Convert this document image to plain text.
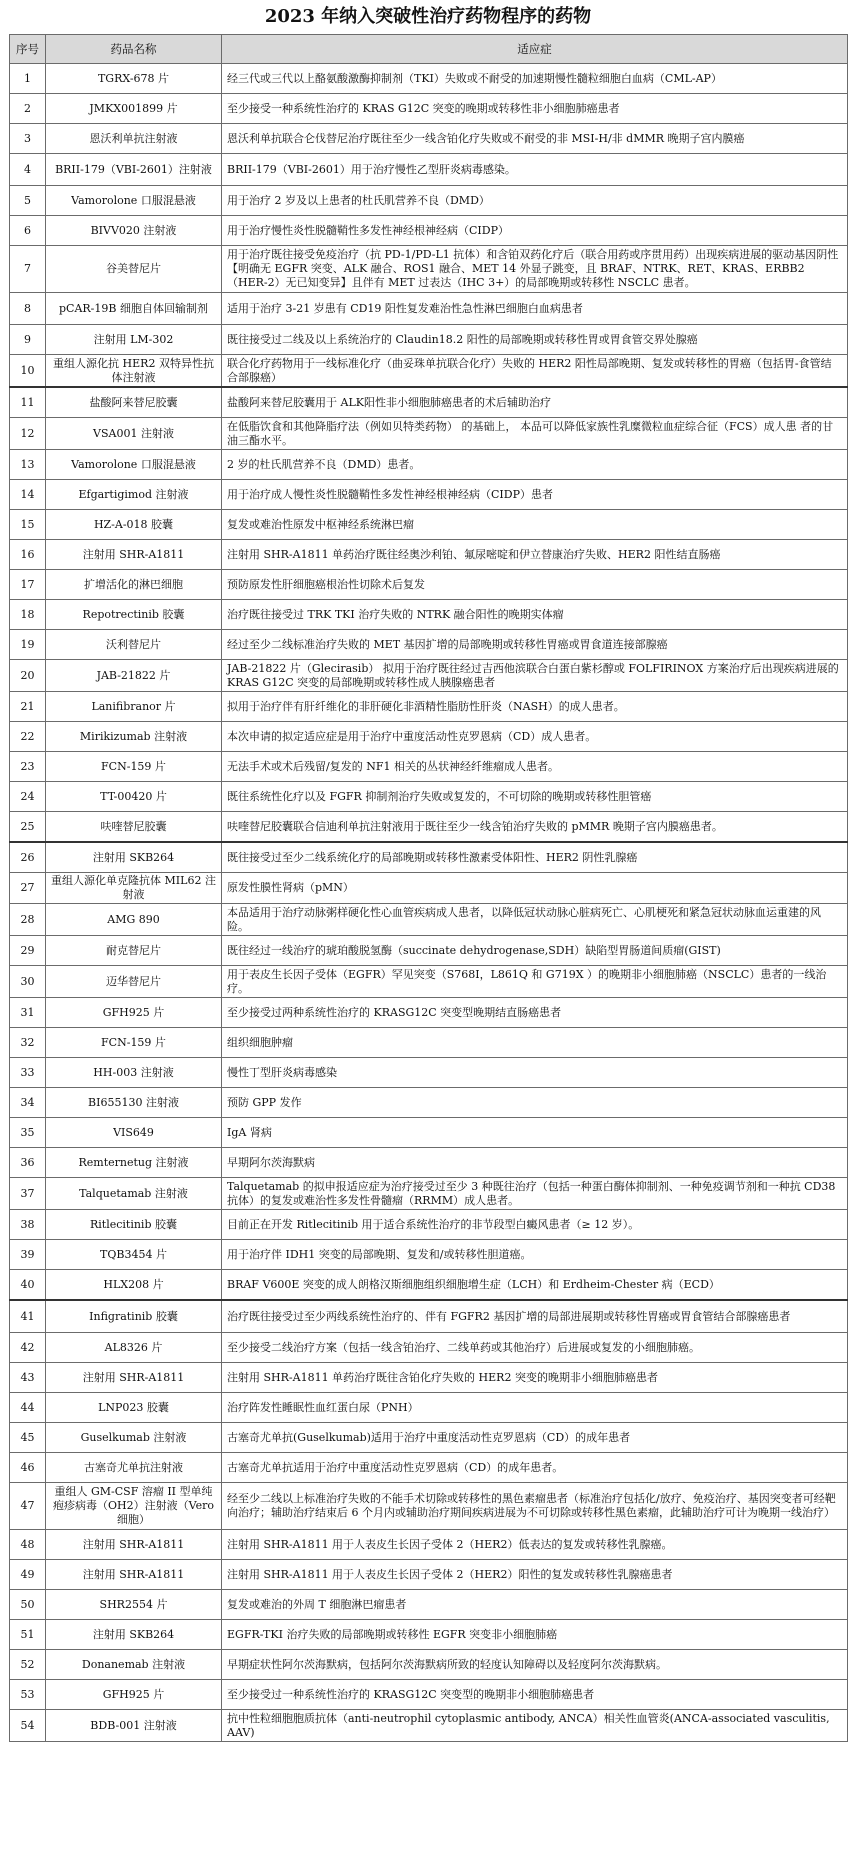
2023 年纳入突破性治疗药物程序的药物
序号	药品名称	适应症
1	TGRX-678 片	经三代或三代以上酪氨酸激酶抑制剂（TKI）失败或不耐受的加速期慢性髓粒细胞白血病（CML-AP）
2	JMKX001899 片	至少接受一种系统性治疗的 KRAS G12C 突变的晚期或转移性非小细胞肺癌患者
3	恩沃利单抗注射液	恩沃利单抗联合仑伐替尼治疗既往至少一线含铂化疗失败或不耐受的非 MSI-H/非 dMMR 晚期子宫内膜癌
4	BRII-179（VBI-2601）注射液	BRII-179（VBI-2601）用于治疗慢性乙型肝炎病毒感染。
5	Vamorolone 口服混悬液	用于治疗 2 岁及以上患者的杜氏肌营养不良（DMD）
6	BIVV020 注射液	用于治疗慢性炎性脱髓鞘性多发性神经根神经病（CIDP）
7	谷美替尼片	用于治疗既往接受免疫治疗（抗 PD-1/PD-L1 抗体）和含铂双药化疗后（联合用药或序贯用药）出现疾病进展的驱动基因阴性【明确无 EGFR 突变、ALK 融合、ROS1 融合、MET 14 外显子跳变，且 BRAF、NTRK、RET、KRAS、ERBB2（HER-2）无已知变异】且伴有 MET 过表达（IHC 3+）的局部晚期或转移性 NSCLC 患者。
8	pCAR-19B 细胞自体回输制剂	适用于治疗 3-21 岁患有 CD19 阳性复发难治性急性淋巴细胞白血病患者
9	注射用 LM-302	既往接受过二线及以上系统治疗的 Claudin18.2 阳性的局部晚期或转移性胃或胃食管交界处腺癌
10	重组人源化抗 HER2 双特异性抗体注射液	联合化疗药物用于一线标准化疗（曲妥珠单抗联合化疗）失败的 HER2 阳性局部晚期、复发或转移性的胃癌（包括胃-食管结合部腺癌）
11	盐酸阿来替尼胶囊	盐酸阿来替尼胶囊用于 ALK阳性非小细胞肺癌患者的术后辅助治疗
12	VSA001 注射液	在低脂饮食和其他降脂疗法（例如贝特类药物） 的基础上， 本品可以降低家族性乳糜微粒血症综合征（FCS）成人患 者的甘油三酯水平。
13	Vamorolone 口服混悬液	2 岁的杜氏肌营养不良（DMD）患者。
14	Efgartigimod 注射液	用于治疗成人慢性炎性脱髓鞘性多发性神经根神经病（CIDP）患者
15	HZ-A-018 胶囊	复发或难治性原发中枢神经系统淋巴瘤
16	注射用 SHR-A1811	注射用 SHR-A1811 单药治疗既往经奥沙利铂、氟尿嘧啶和伊立替康治疗失败、HER2 阳性结直肠癌
17	扩增活化的淋巴细胞	预防原发性肝细胞癌根治性切除术后复发
18	Repotrectinib 胶囊	治疗既往接受过 TRK TKI 治疗失败的 NTRK 融合阳性的晚期实体瘤
19	沃利替尼片	经过至少二线标准治疗失败的 MET 基因扩增的局部晚期或转移性胃癌或胃食道连接部腺癌
20	JAB-21822 片	JAB-21822 片（Glecirasib） 拟用于治疗既往经过吉西他滨联合白蛋白紫杉醇或 FOLFIRINOX 方案治疗后出现疾病进展的 KRAS G12C 突变的局部晚期或转移性成人胰腺癌患者
21	Lanifibranor 片	拟用于治疗伴有肝纤维化的非肝硬化非酒精性脂肪性肝炎（NASH）的成人患者。
22	Mirikizumab 注射液	本次申请的拟定适应症是用于治疗中重度活动性克罗恩病（CD）成人患者。
23	FCN-159 片	无法手术或术后残留/复发的 NF1 相关的丛状神经纤维瘤成人患者。
24	TT-00420 片	既往系统性化疗以及 FGFR 抑制剂治疗失败或复发的，不可切除的晚期或转移性胆管癌
25	呋喹替尼胶囊	呋喹替尼胶囊联合信迪利单抗注射液用于既往至少一线含铂治疗失败的 pMMR 晚期子宫内膜癌患者。
26	注射用 SKB264	既往接受过至少二线系统化疗的局部晚期或转移性激素受体阳性、HER2 阴性乳腺癌
27	重组人源化单克隆抗体 MIL62 注射液	原发性膜性肾病（pMN）
28	AMG 890	本品适用于治疗动脉粥样硬化性心血管疾病成人患者，以降低冠状动脉心脏病死亡、心肌梗死和紧急冠状动脉血运重建的风险。
29	耐克替尼片	既往经过一线治疗的琥珀酸脱氢酶（succinate dehydrogenase,SDH）缺陷型胃肠道间质瘤(GIST)
30	迈华替尼片	用于表皮生长因子受体（EGFR）罕见突变（S768I，L861Q 和 G719X ）的晚期非小细胞肺癌（NSCLC）患者的一线治疗。
31	GFH925 片	至少接受过两种系统性治疗的 KRASG12C 突变型晚期结直肠癌患者
32	FCN-159 片	组织细胞肿瘤
33	HH-003 注射液	慢性丁型肝炎病毒感染
34	BI655130 注射液	预防 GPP 发作
35	VIS649	IgA 肾病
36	Remternetug 注射液	早期阿尔茨海默病
37	Talquetamab 注射液	Talquetamab 的拟申报适应症为治疗接受过至少 3 种既往治疗（包括一种蛋白酶体抑制剂、一种免疫调节剂和一种抗 CD38 抗体）的复发或难治性多发性骨髓瘤（RRMM）成人患者。
38	Ritlecitinib 胶囊	目前正在开发 Ritlecitinib 用于适合系统性治疗的非节段型白癜风患者（≥ 12 岁）。
39	TQB3454 片	用于治疗伴 IDH1 突变的局部晚期、复发和/或转移性胆道癌。
40	HLX208 片	BRAF V600E 突变的成人朗格汉斯细胞组织细胞增生症（LCH）和 Erdheim-Chester 病（ECD）
41	Infigratinib 胶囊	治疗既往接受过至少两线系统性治疗的、伴有 FGFR2 基因扩增的局部进展期或转移性胃癌或胃食管结合部腺癌患者
42	AL8326 片	至少接受二线治疗方案（包括一线含铂治疗、二线单药或其他治疗）后进展或复发的小细胞肺癌。
43	注射用 SHR-A1811	注射用 SHR-A1811 单药治疗既往含铂化疗失败的 HER2 突变的晚期非小细胞肺癌患者
44	LNP023 胶囊	治疗阵发性睡眠性血红蛋白尿（PNH）
45	Guselkumab 注射液	古塞奇尤单抗(Guselkumab)适用于治疗中重度活动性克罗恩病（CD）的成年患者
46	古塞奇尤单抗注射液	古塞奇尤单抗适用于治疗中重度活动性克罗恩病（CD）的成年患者。
47	重组人 GM-CSF 溶瘤 II 型单纯疱疹病毒（OH2）注射液（Vero 细胞）	经至少二线以上标准治疗失败的不能手术切除或转移性的黑色素瘤患者（标准治疗包括化/放疗、免疫治疗、基因突变者可经靶向治疗；辅助治疗结束后 6 个月内或辅助治疗期间疾病进展为不可切除或转移性黑色素瘤，此辅助治疗可计为晚期一线治疗）
48	注射用 SHR-A1811	注射用 SHR-A1811 用于人表皮生长因子受体 2（HER2）低表达的复发或转移性乳腺癌。
49	注射用 SHR-A1811	注射用 SHR-A1811 用于人表皮生长因子受体 2（HER2）阳性的复发或转移性乳腺癌患者
50	SHR2554 片	复发或难治的外周 T 细胞淋巴瘤患者
51	注射用 SKB264	EGFR-TKI 治疗失败的局部晚期或转移性 EGFR 突变非小细胞肺癌
52	Donanemab 注射液	早期症状性阿尔茨海默病，包括阿尔茨海默病所致的轻度认知障碍以及轻度阿尔茨海默病。
53	GFH925 片	至少接受过一种系统性治疗的 KRASG12C 突变型的晚期非小细胞肺癌患者
54	BDB-001 注射液	抗中性粒细胞胞质抗体（anti-neutrophil cytoplasmic antibody, ANCA）相关性血管炎(ANCA-associated vasculitis, AAV)
